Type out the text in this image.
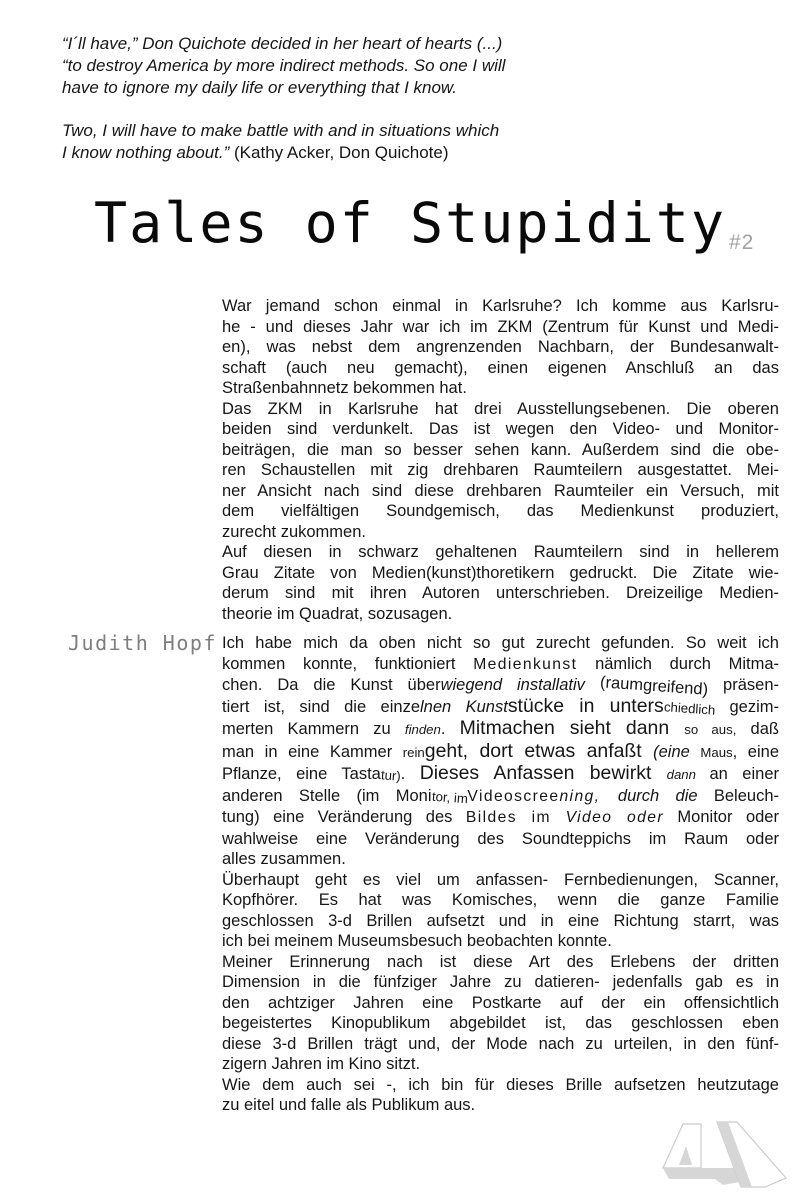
“I´ll have,” Don Quichote decided in her heart of hearts (...)
“to destroy America by more indirect methods. So one I will
have to ignore my daily life or everything that I know.
Two, I will have to make battle with and in situations which
I know nothing about.” (Kathy Acker, Don Quichote)
Tales of Stupidity #2
Judith Hopf
War jemand schon einmal in Karlsruhe? Ich komme aus Karlsru-
he - und dieses Jahr war ich im ZKM (Zentrum für Kunst und Medi-
en), was nebst dem angrenzenden Nachbarn, der Bundesanwalt-
schaft (auch neu gemacht), einen eigenen Anschluß an das
Straßenbahnnetz bekommen hat.
Das ZKM in Karlsruhe hat drei Ausstellungsebenen. Die oberen
beiden sind verdunkelt. Das ist wegen den Video- und Monitor-
beiträgen, die man so besser sehen kann. Außerdem sind die obe-
ren Schaustellen mit zig drehbaren Raumteilern ausgestattet. Mei-
ner Ansicht nach sind diese drehbaren Raumteiler ein Versuch, mit
dem vielfältigen Soundgemisch, das Medienkunst produziert,
zurecht zukommen.
Auf diesen in schwarz gehaltenen Raumteilern sind in hellerem
Grau Zitate von Medien(kunst)thoretikern gedruckt. Die Zitate wie-
derum sind mit ihren Autoren unterschrieben. Dreizeilige Medien-
theorie im Quadrat, sozusagen.
Ich habe mich da oben nicht so gut zurecht gefunden. So weit ich
kommen konnte, funktioniert Medienkunst nämlich durch Mitma-
chen. Da die Kunst überwiegend installativ (raumgreifend) präsen-
tiert ist, sind die einzelnen Kunststücke in unterschiedlich gezim-
merten Kammern zu finden. Mitmachen sieht dann so aus, daß
man in eine Kammer reingeht, dort etwas anfaßt (eine Maus, eine
Pflanze, eine Tastatur). Dieses Anfassen bewirkt dann an einer
anderen Stelle (im Monitor, imVideoscreening, durch die Beleuch-
tung) eine Veränderung des Bildes im Video oder Monitor oder
wahlweise eine Veränderung des Soundteppichs im Raum oder
alles zusammen.
Überhaupt geht es viel um anfassen- Fernbedienungen, Scanner,
Kopfhörer. Es hat was Komisches, wenn die ganze Familie
geschlossen 3-d Brillen aufsetzt und in eine Richtung starrt, was
ich bei meinem Museumsbesuch beobachten konnte.
Meiner Erinnerung nach ist diese Art des Erlebens der dritten
Dimension in die fünfziger Jahre zu datieren- jedenfalls gab es in
den achtziger Jahren eine Postkarte auf der ein offensichtlich
begeistertes Kinopublikum abgebildet ist, das geschlossen eben
diese 3-d Brillen trägt und, der Mode nach zu urteilen, in den fünf-
zigern Jahren im Kino sitzt.
Wie dem auch sei -, ich bin für dieses Brille aufsetzen heutzutage
zu eitel und falle als Publikum aus.
